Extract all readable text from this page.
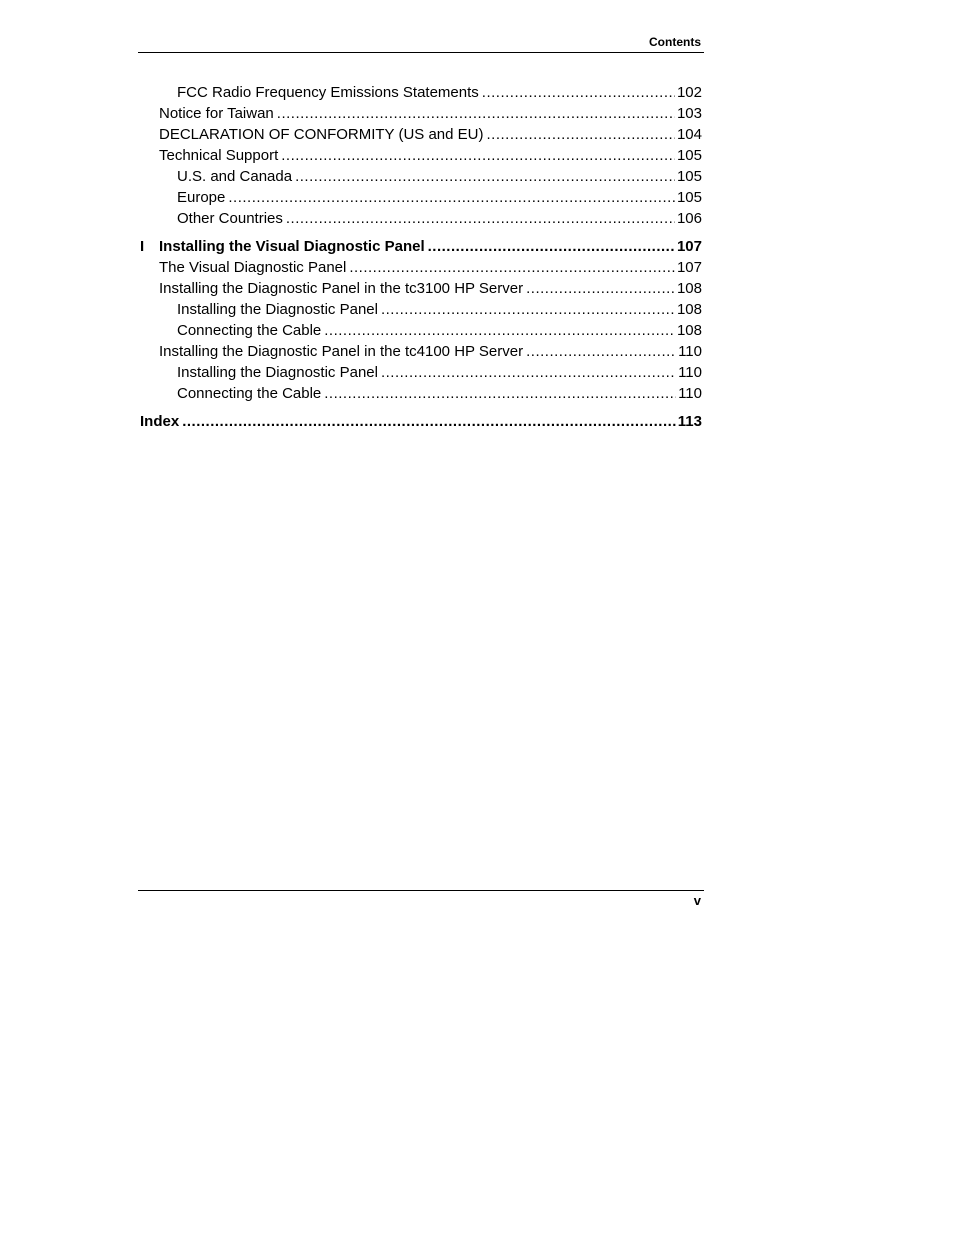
Contents
FCC Radio Frequency Emissions Statements .....	102
Notice for Taiwan .....	103
DECLARATION OF CONFORMITY (US and EU) .....	104
Technical Support .....	105
U.S. and Canada .....	105
Europe .....	105
Other Countries .....	106
I Installing the Visual Diagnostic Panel .....	107
The Visual Diagnostic Panel .....	107
Installing the Diagnostic Panel in the tc3100 HP Server .....	108
Installing the Diagnostic Panel .....	108
Connecting the Cable .....	108
Installing the Diagnostic Panel in the tc4100 HP Server .....	110
Installing the Diagnostic Panel .....	110
Connecting the Cable .....	110
Index .....	113
v
